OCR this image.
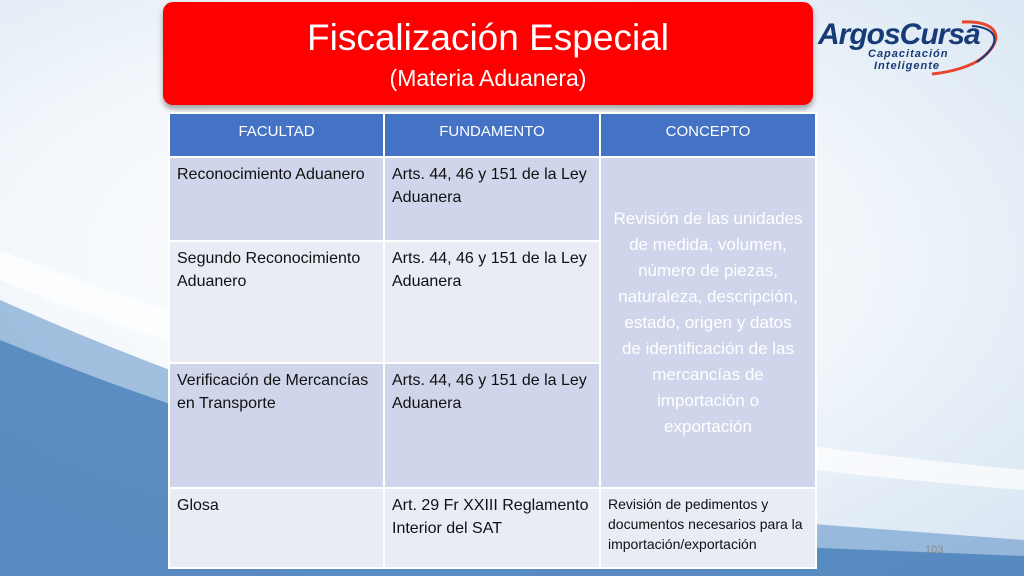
Fiscalización Especial
(Materia Aduanera)
ArgosCursa
Capacitación
Inteligente
FACULTAD	FUNDAMENTO	CONCEPTO
Reconocimiento Aduanero	Arts. 44, 46 y 151 de la Ley Aduanera	Revisión de las unidades de medida, volumen, número de piezas, naturaleza, descripción, estado, origen y datos de identificación de las mercancías de importación o exportación
Segundo Reconocimiento Aduanero	Arts. 44, 46 y 151 de la Ley Aduanera	
Verificación de Mercancías en Transporte	Arts. 44, 46 y 151 de la Ley Aduanera	
Glosa	Art. 29 Fr XXIII Reglamento Interior del SAT	Revisión de pedimentos y documentos necesarios para la importación/exportación	103
